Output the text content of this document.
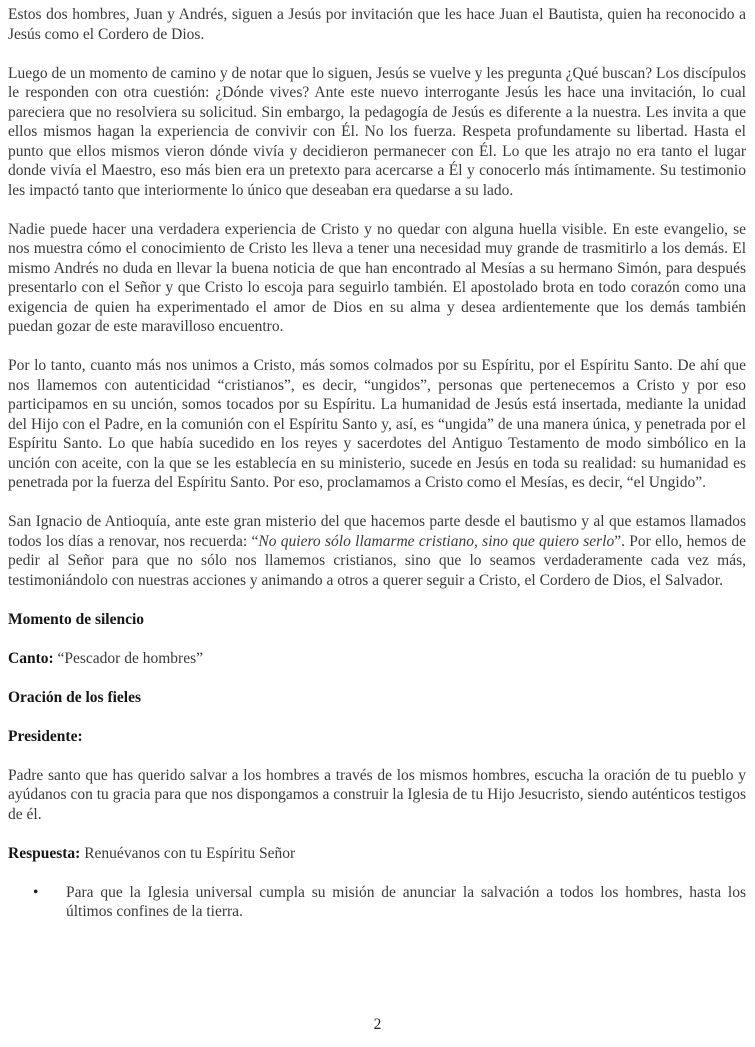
Estos dos hombres, Juan y Andrés, siguen a Jesús por invitación que les hace Juan el Bautista, quien ha reconocido a Jesús como el Cordero de Dios.

Luego de un momento de camino y de notar que lo siguen, Jesús se vuelve y les pregunta ¿Qué buscan? Los discípulos le responden con otra cuestión: ¿Dónde vives? Ante este nuevo interrogante Jesús les hace una invitación, lo cual pareciera que no resolviera su solicitud. Sin embargo, la pedagogía de Jesús es diferente a la nuestra. Les invita a que ellos mismos hagan la experiencia de convivir con Él. No los fuerza. Respeta profundamente su libertad. Hasta el punto que ellos mismos vieron dónde vivía y decidieron permanecer con Él. Lo que les atrajo no era tanto el lugar donde vivía el Maestro, eso más bien era un pretexto para acercarse a Él y conocerlo más íntimamente. Su testimonio les impactó tanto que interiormente lo único que deseaban era quedarse a su lado.

Nadie puede hacer una verdadera experiencia de Cristo y no quedar con alguna huella visible. En este evangelio, se nos muestra cómo el conocimiento de Cristo les lleva a tener una necesidad muy grande de trasmitirlo a los demás. El mismo Andrés no duda en llevar la buena noticia de que han encontrado al Mesías a su hermano Simón, para después presentarlo con el Señor y que Cristo lo escoja para seguirlo también. El apostolado brota en todo corazón como una exigencia de quien ha experimentado el amor de Dios en su alma y desea ardientemente que los demás también puedan gozar de este maravilloso encuentro.

Por lo tanto, cuanto más nos unimos a Cristo, más somos colmados por su Espíritu, por el Espíritu Santo. De ahí que nos llamemos con autenticidad “cristianos”, es decir, “ungidos”, personas que pertenecemos a Cristo y por eso participamos en su unción, somos tocados por su Espíritu. La humanidad de Jesús está insertada, mediante la unidad del Hijo con el Padre, en la comunión con el Espíritu Santo y, así, es “ungida” de una manera única, y penetrada por el Espíritu Santo. Lo que había sucedido en los reyes y sacerdotes del Antiguo Testamento de modo simbólico en la unción con aceite, con la que se les establecía en su ministerio, sucede en Jesús en toda su realidad: su humanidad es penetrada por la fuerza del Espíritu Santo. Por eso, proclamamos a Cristo como el Mesías, es decir, “el Ungido”.

San Ignacio de Antioquía, ante este gran misterio del que hacemos parte desde el bautismo y al que estamos llamados todos los días a renovar, nos recuerda: “No quiero sólo llamarme cristiano, sino que quiero serlo”. Por ello, hemos de pedir al Señor para que no sólo nos llamemos cristianos, sino que lo seamos verdaderamente cada vez más, testimoniándolo con nuestras acciones y animando a otros a querer seguir a Cristo, el Cordero de Dios, el Salvador.

Momento de silencio

Canto: “Pescador de hombres”

Oración de los fieles

Presidente:

Padre santo que has querido salvar a los hombres a través de los mismos hombres, escucha la oración de tu pueblo y ayúdanos con tu gracia para que nos dispongamos a construir la Iglesia de tu Hijo Jesucristo, siendo auténticos testigos de él.

Respuesta: Renuévanos con tu Espíritu Señor

•	Para que la Iglesia universal cumpla su misión de anunciar la salvación a todos los hombres, hasta los últimos confines de la tierra.
2
